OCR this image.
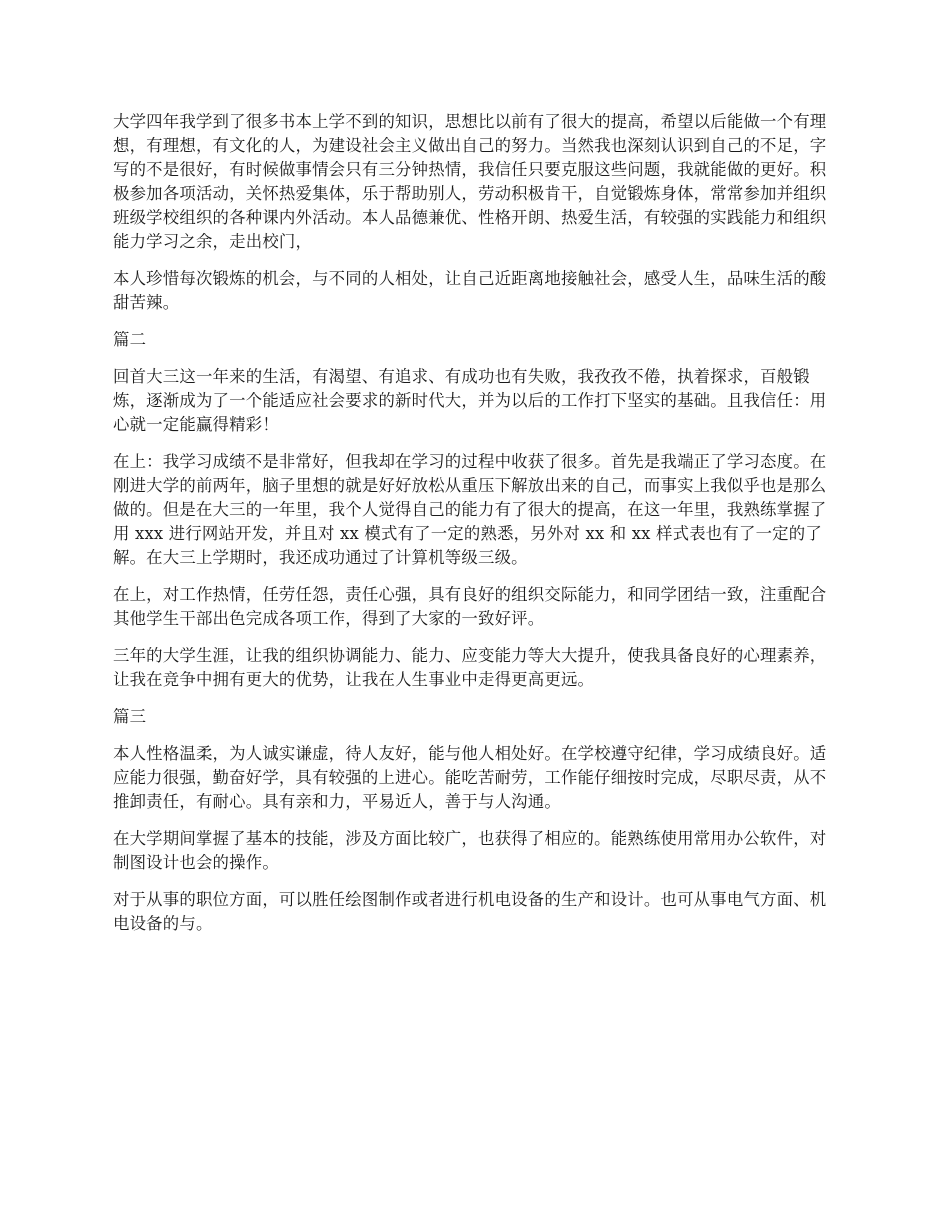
大学四年我学到了很多书本上学不到的知识，思想比以前有了很大的提高，希望以后能做一个有理想，有理想，有文化的人，为建设社会主义做出自己的努力。当然我也深刻认识到自己的不足，字写的不是很好，有时候做事情会只有三分钟热情，我信任只要克服这些问题，我就能做的更好。积极参加各项活动，关怀热爱集体，乐于帮助别人，劳动积极肯干，自觉锻炼身体，常常参加并组织班级学校组织的各种课内外活动。本人品德兼优、性格开朗、热爱生活，有较强的实践能力和组织能力学习之余，走出校门，

本人珍惜每次锻炼的机会，与不同的人相处，让自己近距离地接触社会，感受人生，品味生活的酸甜苦辣。

篇二

回首大三这一年来的生活，有渴望、有追求、有成功也有失败，我孜孜不倦，执着探求，百般锻炼，逐渐成为了一个能适应社会要求的新时代大，并为以后的工作打下坚实的基础。且我信任：用心就一定能赢得精彩！

在上：我学习成绩不是非常好，但我却在学习的过程中收获了很多。首先是我端正了学习态度。在刚进大学的前两年，脑子里想的就是好好放松从重压下解放出来的自己，而事实上我似乎也是那么做的。但是在大三的一年里，我个人觉得自己的能力有了很大的提高，在这一年里，我熟练掌握了用 xxx 进行网站开发，并且对 xx 模式有了一定的熟悉，另外对 xx 和 xx 样式表也有了一定的了解。在大三上学期时，我还成功通过了计算机等级三级。

在上，对工作热情，任劳任怨，责任心强，具有良好的组织交际能力，和同学团结一致，注重配合其他学生干部出色完成各项工作，得到了大家的一致好评。

三年的大学生涯，让我的组织协调能力、能力、应变能力等大大提升，使我具备良好的心理素养，让我在竞争中拥有更大的优势，让我在人生事业中走得更高更远。

篇三

本人性格温柔，为人诚实谦虚，待人友好，能与他人相处好。在学校遵守纪律，学习成绩良好。适应能力很强，勤奋好学，具有较强的上进心。能吃苦耐劳，工作能仔细按时完成，尽职尽责，从不推卸责任，有耐心。具有亲和力，平易近人，善于与人沟通。

在大学期间掌握了基本的技能，涉及方面比较广，也获得了相应的。能熟练使用常用办公软件，对制图设计也会的操作。

对于从事的职位方面，可以胜任绘图制作或者进行机电设备的生产和设计。也可从事电气方面、机电设备的与。
